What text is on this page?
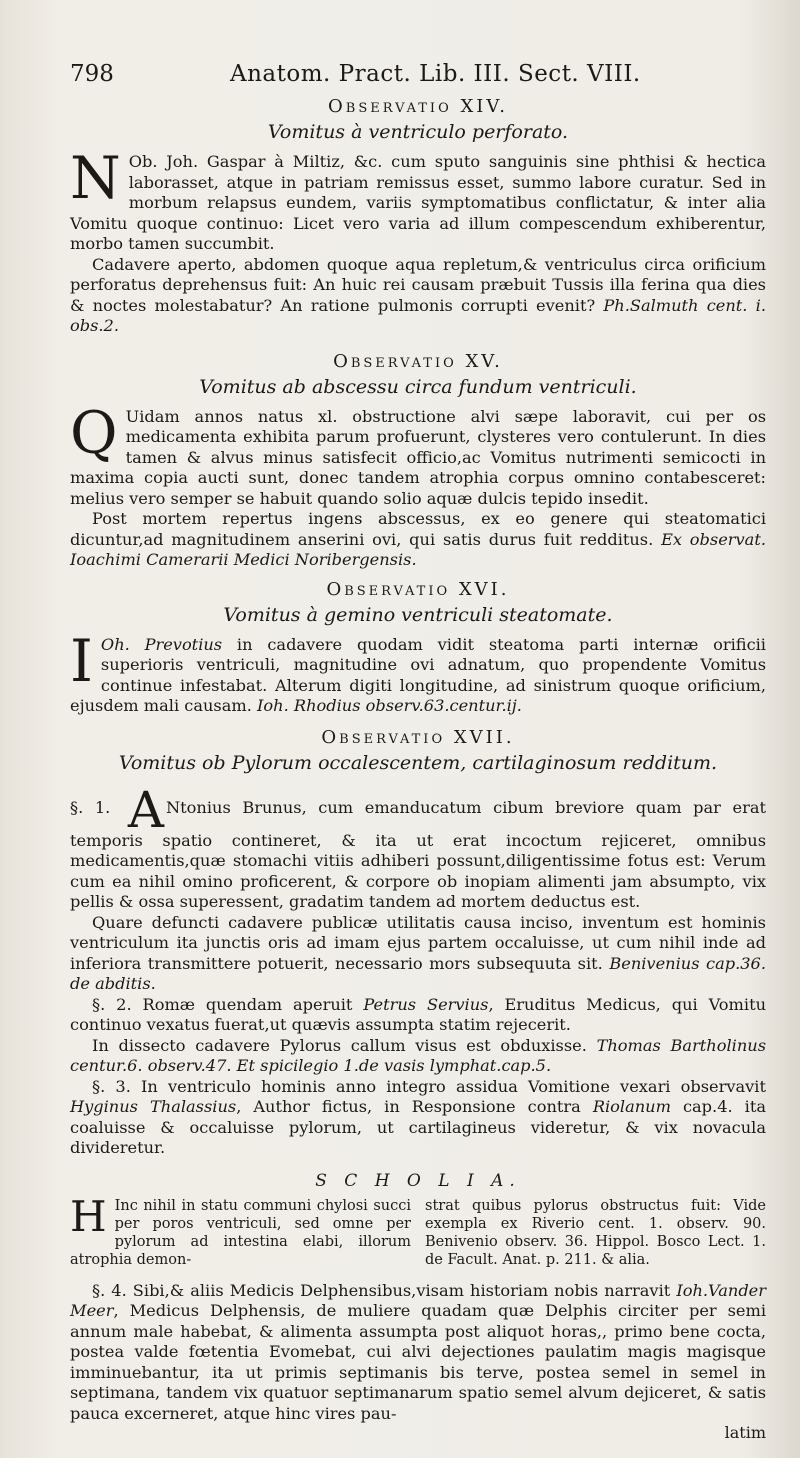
798	Anatom. Pract. Lib. III. Sect. VIII.
Observatio XIV.
Vomitus à ventriculo perforato.

N Ob. Joh. Gaspar à Miltiz, &c. cum sputo sanguinis sine phthisi & hectica laborasset, atque in patriam remissus esset, summo labore curatur. Sed in morbum relapsus eundem, variis symptomatibus conflictatur, & inter alia Vomitu quoque continuo: Licet vero varia ad illum compescendum exhiberentur, morbo tamen succumbit.

Cadavere aperto, abdomen quoque aqua repletum,& ventriculus circa orificium perforatus deprehensus fuit: An huic rei causam præbuit Tussis illa ferina qua dies & noctes molestabatur? An ratione pulmonis corrupti evenit? Ph.Salmuth cent. i. obs.2.

Observatio XV.
Vomitus ab abscessu circa fundum ventriculi.

Q Uidam annos natus xl. obstructione alvi sæpe laboravit, cui per os medicamenta exhibita parum profuerunt, clysteres vero contulerunt. In dies tamen & alvus minus satisfecit officio,ac Vomitus nutrimenti semicocti in maxima copia aucti sunt, donec tandem atrophia corpus omnino contabesceret: melius vero semper se habuit quando solio aquæ dulcis tepido insedit.

Post mortem repertus ingens abscessus, ex eo genere qui steatomatici dicuntur,ad magnitudinem anserini ovi, qui satis durus fuit redditus. Ex observat. Ioachimi Camerarii Medici Noribergensis.

Observatio XVI.
Vomitus à gemino ventriculi steatomate.

I Oh. Prevotius in cadavere quodam vidit steatoma parti internæ orificii superioris ventriculi, magnitudine ovi adnatum, quo propendente Vomitus continue infestabat. Alterum digiti longitudine, ad sinistrum quoque orificium, ejusdem mali causam. Ioh. Rhodius observ.63.centur.ij.

Observatio XVII.
Vomitus ob Pylorum occalescentem, cartilaginosum redditum.

§. 1. A Ntonius Brunus, cum emanducatum cibum breviore quam par erat temporis spatio contineret, & ita ut erat incoctum rejiceret, omnibus medicamentis,quæ stomachi vitiis adhiberi possunt,diligentissime fotus est: Verum cum ea nihil omino proficerent, & corpore ob inopiam alimenti jam absumpto, vix pellis & ossa superessent, gradatim tandem ad mortem deductus est.

Quare defuncti cadavere publicæ utilitatis causa inciso, inventum est hominis ventriculum ita junctis oris ad imam ejus partem occaluisse, ut cum nihil inde ad inferiora transmittere potuerit, necessario mors subsequuta sit. Benivenius cap.36. de abditis.

§. 2. Romæ quendam aperuit Petrus Servius, Eruditus Medicus, qui Vomitu continuo vexatus fuerat,ut quævis assumpta statim rejecerit.

In dissecto cadavere Pylorus callum visus est obduxisse. Thomas Bartholinus centur.6. observ.47. Et spicilegio 1.de vasis lymphat.cap.5.

§. 3. In ventriculo hominis anno integro assidua Vomitione vexari observavit Hyginus Thalassius, Author fictus, in Responsione contra Riolanum cap.4. ita coaluisse & occaluisse pylorum, ut cartilagineus videretur, & vix novacula divideretur.

S C H O L I A.

H Inc nihil in statu communi chylosi succi per poros ventriculi, sed omne per pylorum ad intestina elabi, illorum atrophia demon-

strat quibus pylorus obstructus fuit: Vide exempla ex Riverio cent. 1. observ. 90. Benivenio observ. 36. Hippol. Bosco Lect. 1. de Facult. Anat. p. 211. & alia.

§. 4. Sibi,& aliis Medicis Delphensibus,visam historiam nobis narravit Ioh.Vander Meer, Medicus Delphensis, de muliere quadam quæ Delphis circiter per semi annum male habebat, & alimenta assumpta post aliquot horas,, primo bene cocta, postea valde fœtentia Evomebat, cui alvi dejectiones paulatim magis magisque imminuebantur, ita ut primis septimanis bis terve, postea semel in semel in septimana, tandem vix quatuor septimanarum spatio semel alvum dejiceret, & satis pauca excerneret, atque hinc vires pau-

latim
